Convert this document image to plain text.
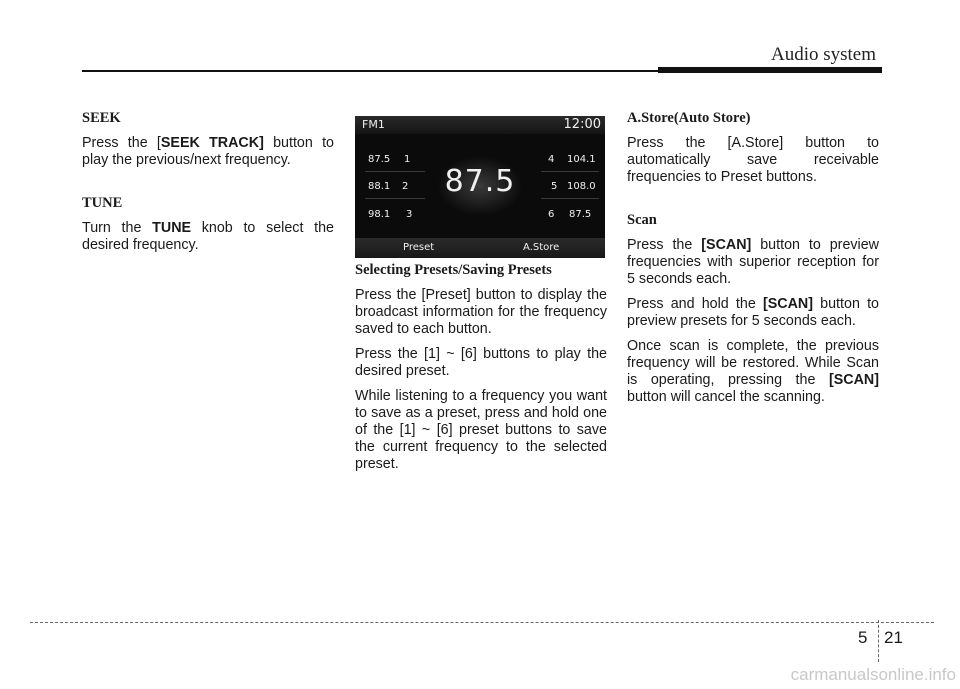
Audio system
SEEK

Press the [SEEK TRACK] button to play the previous/next frequency.

TUNE

Turn the TUNE knob to select the desired frequency.

FM1	12:00
87.5
87.5 1
88.1 2
98.1 3
4 104.1
5 108.0
6 87.5
Preset	A.Store
Selecting Presets/Saving Presets

Press the [Preset] button to display the broadcast information for the frequency saved to each button.

Press the [1] ~ [6] buttons to play the desired preset.

While listening to a frequency you want to save as a preset, press and hold one of the [1] ~ [6] preset buttons to save the current frequency to the selected preset.

A.Store(Auto Store)

Press the [A.Store] button to automatically save receivable frequencies to Preset buttons.

Scan

Press the [SCAN] button to preview frequencies with superior reception for 5 seconds each.

Press and hold the [SCAN] button to preview presets for 5 seconds each.

Once scan is complete, the previous frequency will be restored. While Scan is operating, pressing the [SCAN] button will cancel the scanning.

5 21
carmanualsonline.info
